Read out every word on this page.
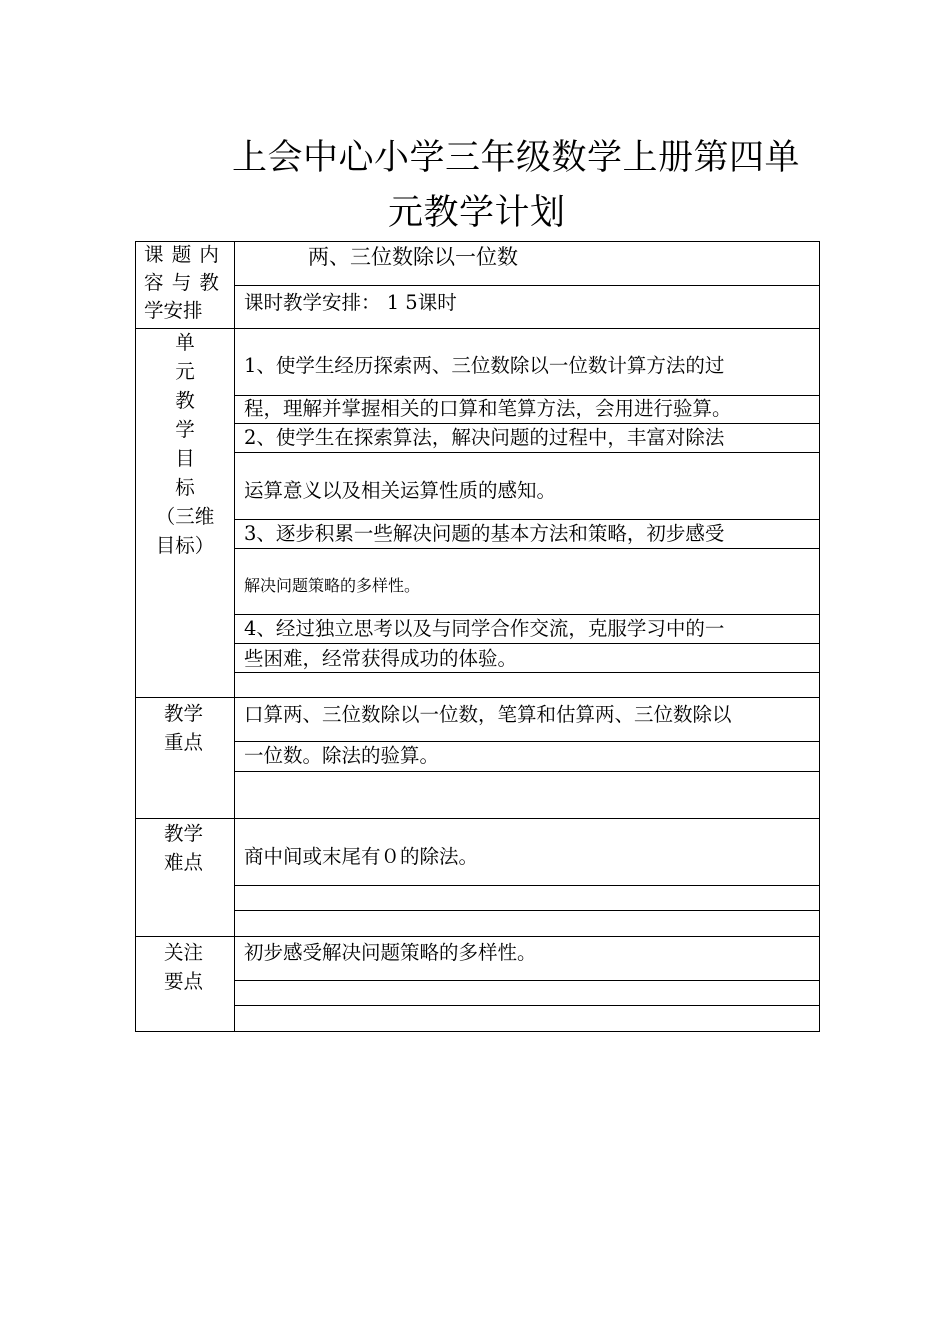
上会中心小学三年级数学上册第四单
元教学计划
课 题 内
容 与 教
学安排
两、三位数除以一位数
课时教学安排： 1 5课时
单
元
教
学
目
标
（三维
目标）
1、使学生经历探索两、三位数除以一位数计算方法的过
程，理解并掌握相关的口算和笔算方法，会用进行验算。
2、使学生在探索算法，解决问题的过程中，丰富对除法
运算意义以及相关运算性质的感知。
3、逐步积累一些解决问题的基本方法和策略，初步感受
解决问题策略的多样性。
4、经过独立思考以及与同学合作交流，克服学习中的一
些困难，经常获得成功的体验。
教学
重点
口算两、三位数除以一位数，笔算和估算两、三位数除以
一位数。除法的验算。
教学
难点 商中间或末尾有０的除法。
关注
要点
初步感受解决问题策略的多样性。
